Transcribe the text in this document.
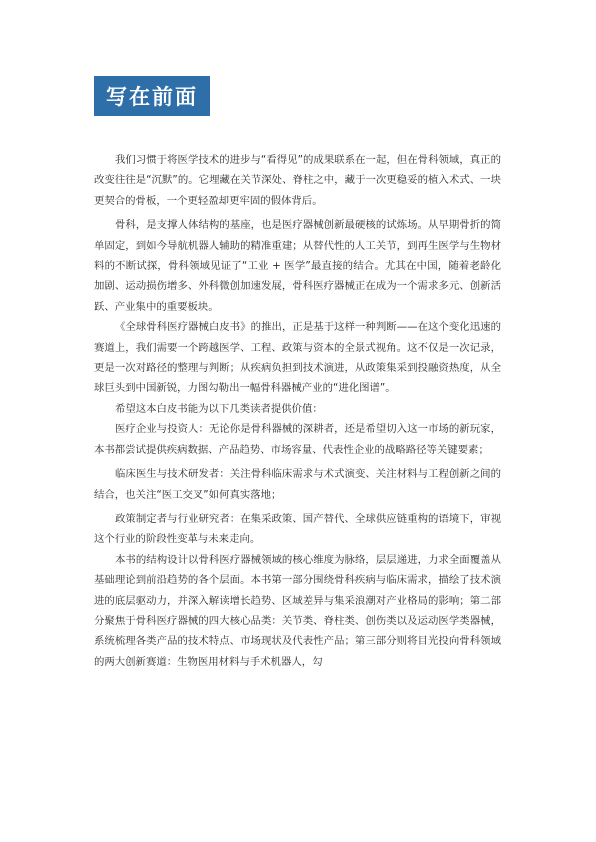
写在前面

我们习惯于将医学技术的进步与“看得见”的成果联系在一起，但在骨科领域，真正的改变往往是“沉默”的。它埋藏在关节深处、脊柱之中，藏于一次更稳妥的植入术式、一块更契合的骨板，一个更轻盈却更牢固的假体背后。

骨科，是支撑人体结构的基座，也是医疗器械创新最硬核的试炼场。从早期骨折的简单固定，到如今导航机器人辅助的精准重建；从替代性的人工关节，到再生医学与生物材料的不断试探，骨科领域见证了“工业 + 医学”最直接的结合。尤其在中国，随着老龄化加剧、运动损伤增多、外科微创加速发展，骨科医疗器械正在成为一个需求多元、创新活跃、产业集中的重要板块。

《全球骨科医疗器械白皮书》的推出，正是基于这样一种判断——在这个变化迅速的赛道上，我们需要一个跨越医学、工程、政策与资本的全景式视角。这不仅是一次记录，更是一次对路径的整理与判断；从疾病负担到技术演进，从政策集采到投融资热度，从全球巨头到中国新锐，力图勾勒出一幅骨科器械产业的“进化图谱”。

希望这本白皮书能为以下几类读者提供价值：

医疗企业与投资人：无论你是骨科器械的深耕者，还是希望切入这一市场的新玩家，本书都尝试提供疾病数据、产品趋势、市场容量、代表性企业的战略路径等关键要素；

临床医生与技术研发者：关注骨科临床需求与术式演变、关注材料与工程创新之间的结合，也关注“医工交叉”如何真实落地；

政策制定者与行业研究者：在集采政策、国产替代、全球供应链重构的语境下，审视这个行业的阶段性变革与未来走向。

本书的结构设计以骨科医疗器械领域的核心维度为脉络，层层递进，力求全面覆盖从基础理论到前沿趋势的各个层面。本书第一部分围绕骨科疾病与临床需求，描绘了技术演进的底层驱动力，并深入解读增长趋势、区域差异与集采浪潮对产业格局的影响；第二部分聚焦于骨科医疗器械的四大核心品类：关节类、脊柱类、创伤类以及运动医学类器械，系统梳理各类产品的技术特点、市场现状及代表性产品；第三部分则将目光投向骨科领域的两大创新赛道：生物医用材料与手术机器人，勾
